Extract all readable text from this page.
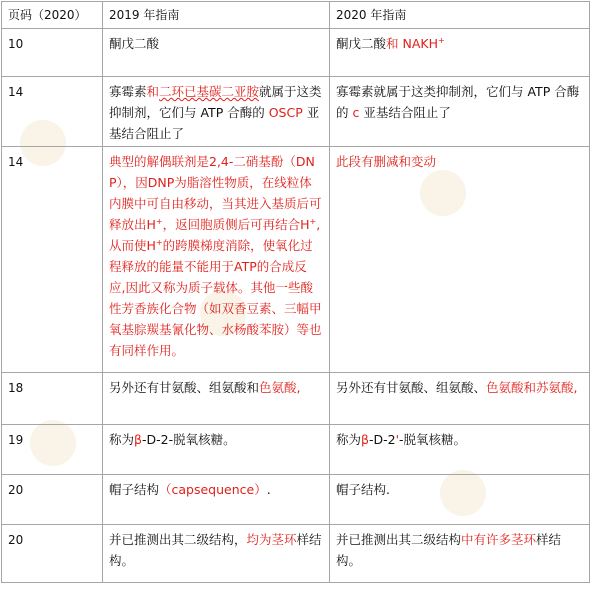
页码（2020）	2019 年指南	2020 年指南
10	酮戊二酸	酮戊二酸和 NAKH+
14	寡霉素和二环已基碳二亚胺就属于这类抑制剂，它们与 ATP 合酶的 OSCP 亚基结合阻止了	寡霉素就属于这类抑制剂，它们与 ATP 合酶的 c 亚基结合阻止了
14	典型的解偶联剂是2,4-二硝基酚（DNP），因DNP为脂溶性物质，在线粒体内膜中可自由移动，当其进入基质后可释放出H+，返回胞质侧后可再结合H+,从而使H+的跨膜梯度消除，使氧化过程释放的能量不能用于ATP的合成反应,因此又称为质子载体。其他一些酸性芳香族化合物（如双香豆素、三幅甲氧基腙羰基氰化物、水杨酸苯胺）等也有同样作用。	此段有删减和变动
18	另外还有甘氨酸、组氨酸和色氨酸,	另外还有甘氨酸、组氨酸、色氨酸和苏氨酸,
19	称为β-D-2-脱氧核糖。	称为β-D-2'-脱氧核糖。
20	帽子结构（capsequence）.	帽子结构.
20	并已推测出其二级结构，均为茎环样结构。	并已推测出其二级结构中有许多茎环样结构。
